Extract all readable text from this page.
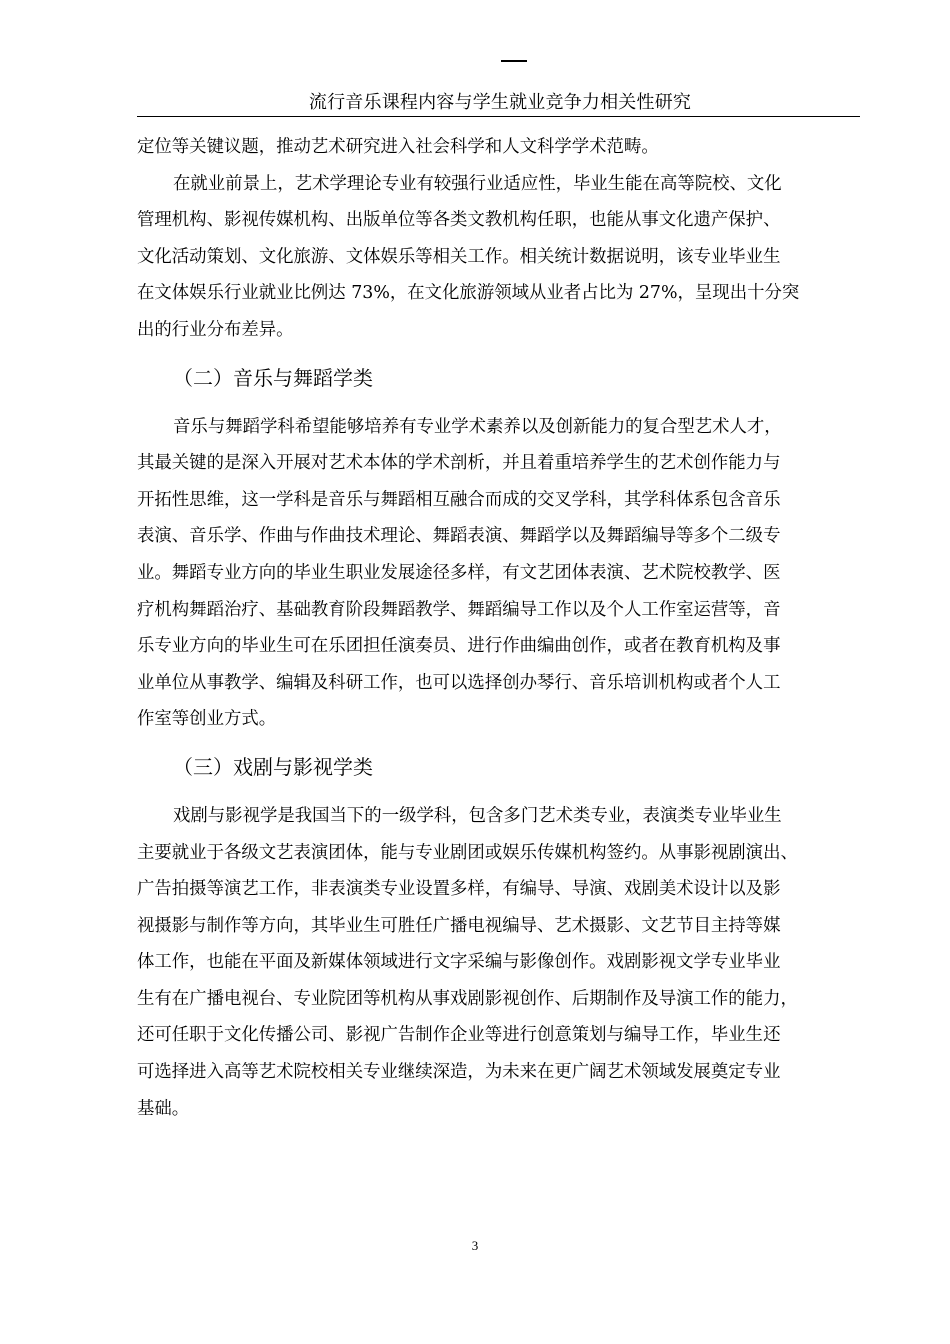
流行音乐课程内容与学生就业竞争力相关性研究
定位等关键议题，推动艺术研究进入社会科学和人文科学学术范畴。
在就业前景上，艺术学理论专业有较强行业适应性，毕业生能在高等院校、文化
管理机构、影视传媒机构、出版单位等各类文教机构任职，也能从事文化遗产保护、
文化活动策划、文化旅游、文体娱乐等相关工作。相关统计数据说明，该专业毕业生
在文体娱乐行业就业比例达 73%，在文化旅游领域从业者占比为 27%，呈现出十分突
出的行业分布差异。
（二）音乐与舞蹈学类
音乐与舞蹈学科希望能够培养有专业学术素养以及创新能力的复合型艺术人才，
其最关键的是深入开展对艺术本体的学术剖析，并且着重培养学生的艺术创作能力与
开拓性思维，这一学科是音乐与舞蹈相互融合而成的交叉学科，其学科体系包含音乐
表演、音乐学、作曲与作曲技术理论、舞蹈表演、舞蹈学以及舞蹈编导等多个二级专
业。舞蹈专业方向的毕业生职业发展途径多样，有文艺团体表演、艺术院校教学、医
疗机构舞蹈治疗、基础教育阶段舞蹈教学、舞蹈编导工作以及个人工作室运营等，音
乐专业方向的毕业生可在乐团担任演奏员、进行作曲编曲创作，或者在教育机构及事
业单位从事教学、编辑及科研工作，也可以选择创办琴行、音乐培训机构或者个人工
作室等创业方式。
（三）戏剧与影视学类
戏剧与影视学是我国当下的一级学科，包含多门艺术类专业，表演类专业毕业生
主要就业于各级文艺表演团体，能与专业剧团或娱乐传媒机构签约。从事影视剧演出、
广告拍摄等演艺工作，非表演类专业设置多样，有编导、导演、戏剧美术设计以及影
视摄影与制作等方向，其毕业生可胜任广播电视编导、艺术摄影、文艺节目主持等媒
体工作，也能在平面及新媒体领域进行文字采编与影像创作。戏剧影视文学专业毕业
生有在广播电视台、专业院团等机构从事戏剧影视创作、后期制作及导演工作的能力，
还可任职于文化传播公司、影视广告制作企业等进行创意策划与编导工作，毕业生还
可选择进入高等艺术院校相关专业继续深造，为未来在更广阔艺术领域发展奠定专业
基础。
3
